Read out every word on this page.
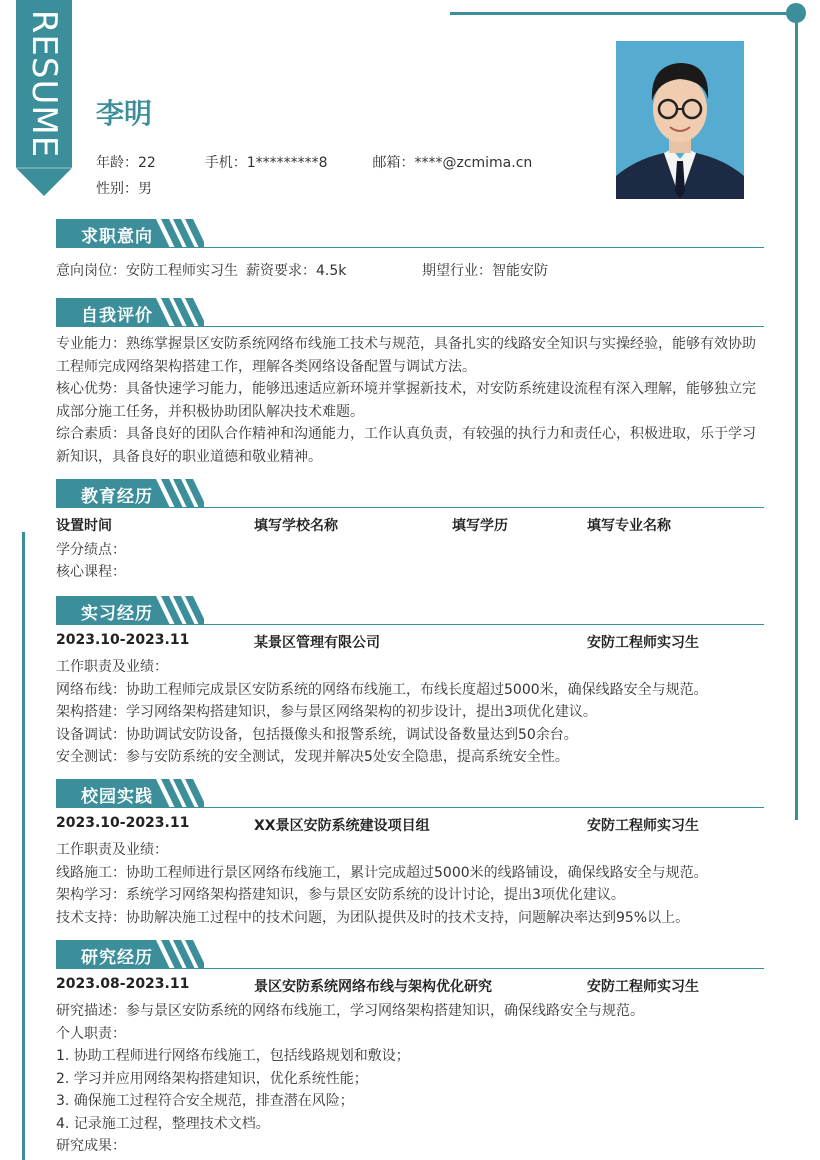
RESUME 李明
年龄：22	手机：1*********8	邮箱：****@zcmima.cn
性别：男
求职意向
意向岗位：安防工程师实习生 薪资要求：4.5k	期望行业：智能安防
自我评价
专业能力：熟练掌握景区安防系统网络布线施工技术与规范，具备扎实的线路安全知识与实操经验，能够有效协助工程师完成网络架构搭建工作，理解各类网络设备配置与调试方法。
核心优势：具备快速学习能力，能够迅速适应新环境并掌握新技术，对安防系统建设流程有深入理解，能够独立完成部分施工任务，并积极协助团队解决技术难题。
综合素质：具备良好的团队合作精神和沟通能力，工作认真负责，有较强的执行力和责任心，积极进取，乐于学习新知识，具备良好的职业道德和敬业精神。
教育经历
设置时间	填写学校名称	填写学历	填写专业名称
学分绩点：
核心课程：
实习经历
2023.10-2023.11	某景区管理有限公司	安防工程师实习生
工作职责及业绩：
网络布线：协助工程师完成景区安防系统的网络布线施工，布线长度超过5000米，确保线路安全与规范。
架构搭建：学习网络架构搭建知识，参与景区网络架构的初步设计，提出3项优化建议。
设备调试：协助调试安防设备，包括摄像头和报警系统，调试设备数量达到50余台。
安全测试：参与安防系统的安全测试，发现并解决5处安全隐患，提高系统安全性。
校园实践
2023.10-2023.11	XX景区安防系统建设项目组	安防工程师实习生
工作职责及业绩：
线路施工：协助工程师进行景区网络布线施工，累计完成超过5000米的线路铺设，确保线路安全与规范。
架构学习：系统学习网络架构搭建知识，参与景区安防系统的设计讨论，提出3项优化建议。
技术支持：协助解决施工过程中的技术问题，为团队提供及时的技术支持，问题解决率达到95%以上。
研究经历
2023.08-2023.11	景区安防系统网络布线与架构优化研究	安防工程师实习生
研究描述：参与景区安防系统的网络布线施工，学习网络架构搭建知识，确保线路安全与规范。
个人职责：
1. 协助工程师进行网络布线施工，包括线路规划和敷设；
2. 学习并应用网络架构搭建知识，优化系统性能；
3. 确保施工过程符合安全规范，排查潜在风险；
4. 记录施工过程，整理技术文档。
研究成果：
